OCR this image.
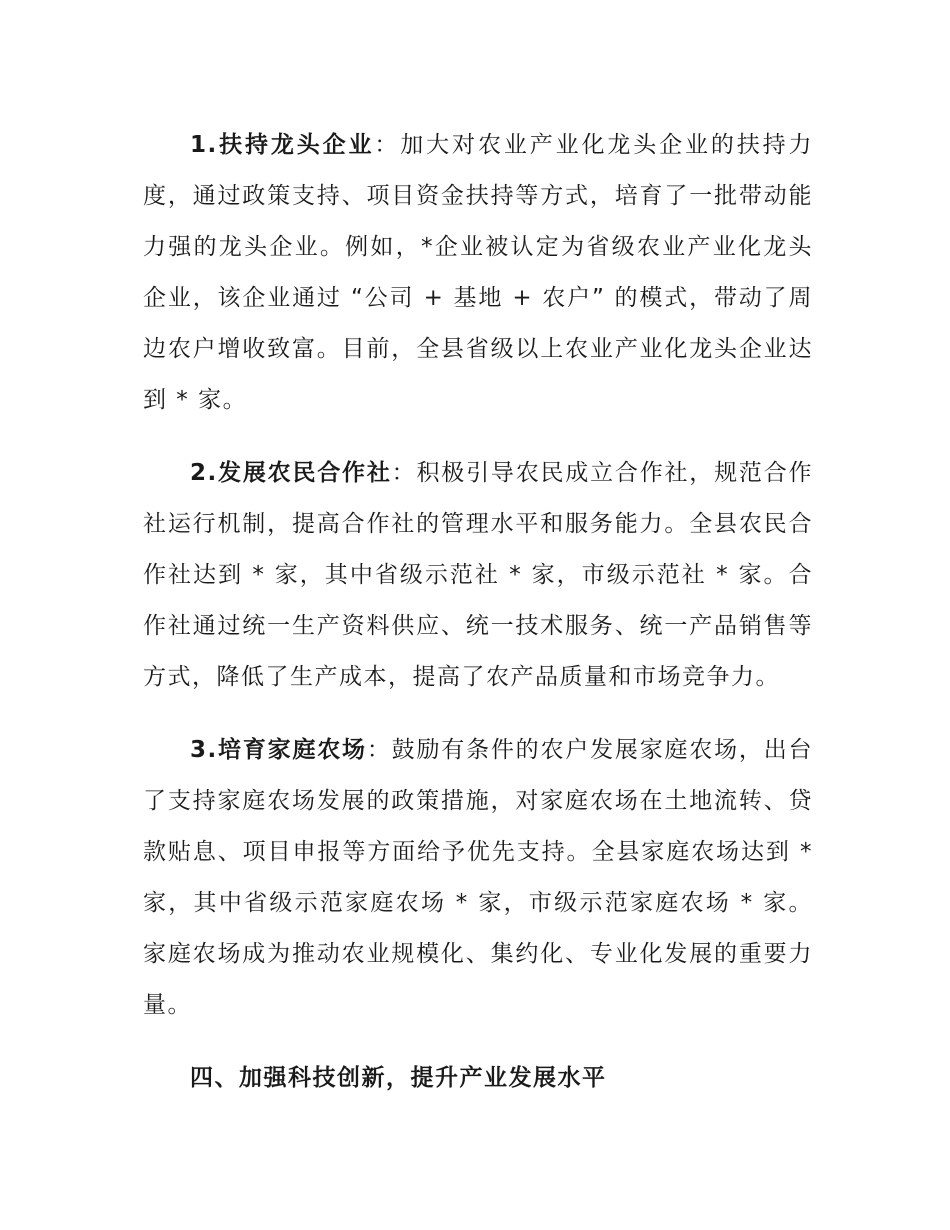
1.扶持龙头企业：加大对农业产业化龙头企业的扶持力度，通过政策支持、项目资金扶持等方式，培育了一批带动能力强的龙头企业。例如，*企业被认定为省级农业产业化龙头企业，该企业通过 “公司 + 基地 + 农户” 的模式，带动了周边农户增收致富。目前，全县省级以上农业产业化龙头企业达到 * 家。

2.发展农民合作社：积极引导农民成立合作社，规范合作社运行机制，提高合作社的管理水平和服务能力。全县农民合作社达到 * 家，其中省级示范社 * 家，市级示范社 * 家。合作社通过统一生产资料供应、统一技术服务、统一产品销售等方式，降低了生产成本，提高了农产品质量和市场竞争力。

3.培育家庭农场：鼓励有条件的农户发展家庭农场，出台了支持家庭农场发展的政策措施，对家庭农场在土地流转、贷款贴息、项目申报等方面给予优先支持。全县家庭农场达到 * 家，其中省级示范家庭农场 * 家，市级示范家庭农场 * 家。家庭农场成为推动农业规模化、集约化、专业化发展的重要力量。

四、加强科技创新，提升产业发展水平
